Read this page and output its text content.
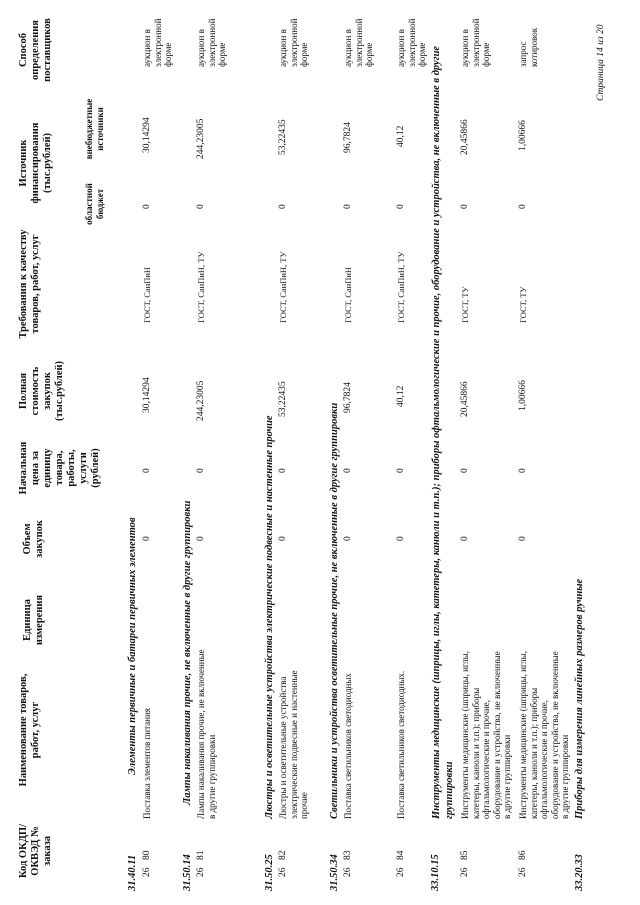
Код ОКДП/ ОКВЭД № заказа
Наименование товаров, работ, услуг
Единица измерения
Объем закупок
Начальная цена за единицу товара, работы, услуги (рублей)
Полная стоимость закупок (тыс.рублей)
Требования к качеству товаров, работ, услуг
Источник финансирования (тыс.рублей)
областной бюджет
внебюджетные источники
Способ определения поставщиков
31.40.11
Элементы первичные и батареи первичных элементов
26
80
Поставка элементов питания
0
0
30,14294
ГОСТ, СанПиН
0
30,14294
аукцион в электронной форме
31.50.14
Лампы накаливания прочие, не включенные в другие группировки
26
81
Лампы накаливания прочие, не включенные в другие группировки
0
0
244,23005
ГОСТ, СанПиН, ТУ
0
244,23005
аукцион в электронной форме
31.50.25
Люстры и осветительные устройства электрические подвесные и настенные прочие
26
82
Люстры и осветительные устройства электрические подвесные и настенные прочие
0
0
53,22435
ГОСТ, СанПиН, ТУ
0
53,22435
аукцион в электронной форме
31.50.34
Светильники и устройства осветительные прочие, не включенные в другие группировки
26
83
Поставка светильников светодиодных
0
0
96,7824
ГОСТ, СанПиН
0
96,7824
аукцион в электронной форме
26
84
Поставка светильников светодиодных.
0
0
40,12
ГОСТ, СанПиН, ТУ
0
40,12
аукцион в электронной форме
33.10.15
Инструменты медицинские (шприцы, иглы, катетеры, канюли и т.п.); приборы офтальмологические и прочие, оборудование и устройства, не включенные в другие группировки
26
85
Инструменты медицинские (шприцы, иглы, катетеры, канюли и т.п.); приборы офтальмологические и прочие, оборудование и устройства, не включенные в другие группировки
0
0
20,45866
ГОСТ, ТУ
0
20,45866
аукцион в электронной форме
26
86
Инструменты медицинские (шприцы, иглы, катетеры, канюли и т.п.); приборы офтальмологические и прочие, оборудование и устройства, не включенные в другие группировки
0
0
1,00666
ГОСТ, ТУ
0
1,00666
запрос котировок
33.20.33
Приборы для измерения линейных размеров ручные
Страница 14 из 20
